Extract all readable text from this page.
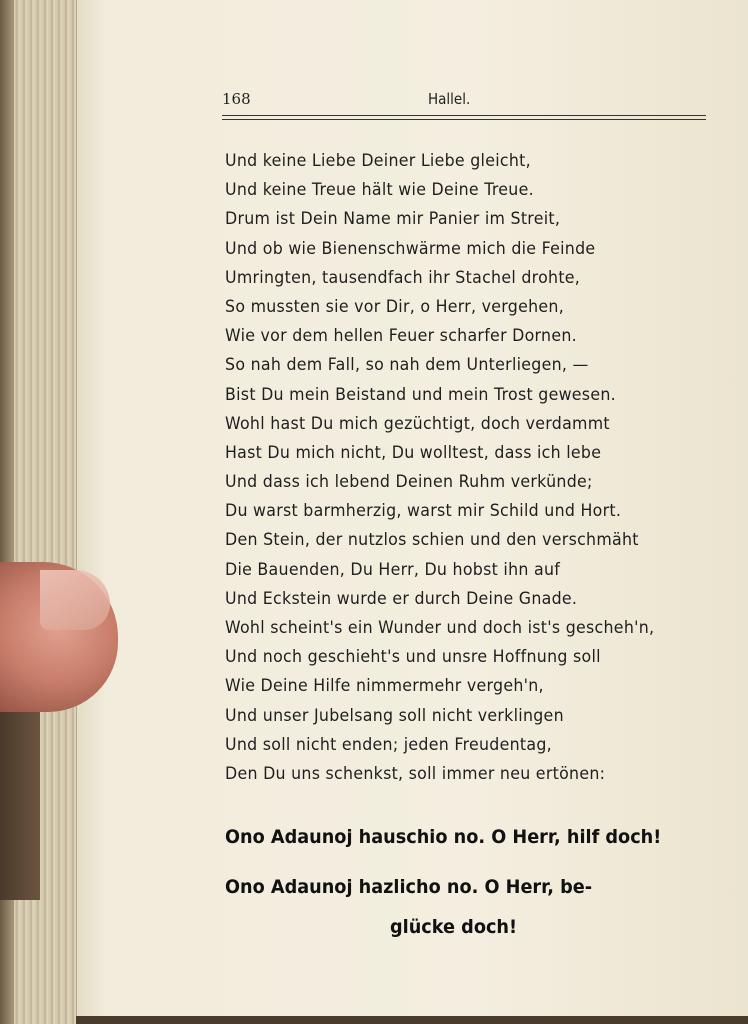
168	Hallel.
Und keine Liebe Deiner Liebe gleicht,
Und keine Treue hält wie Deine Treue.
Drum ist Dein Name mir Panier im Streit,
Und ob wie Bienenschwärme mich die Feinde
Umringten, tausendfach ihr Stachel drohte,
So mussten sie vor Dir, o Herr, vergehen,
Wie vor dem hellen Feuer scharfer Dornen.
So nah dem Fall, so nah dem Unterliegen, —
Bist Du mein Beistand und mein Trost gewesen.
Wohl hast Du mich gezüchtigt, doch verdammt
Hast Du mich nicht, Du wolltest, dass ich lebe
Und dass ich lebend Deinen Ruhm verkünde;
Du warst barmherzig, warst mir Schild und Hort.
Den Stein, der nutzlos schien und den verschmäht
Die Bauenden, Du Herr, Du hobst ihn auf
Und Eckstein wurde er durch Deine Gnade.
Wohl scheint's ein Wunder und doch ist's gescheh'n,
Und noch geschieht's und unsre Hoffnung soll
Wie Deine Hilfe nimmermehr vergeh'n,
Und unser Jubelsang soll nicht verklingen
Und soll nicht enden; jeden Freudentag,
Den Du uns schenkst, soll immer neu ertönen:
Ono Adaunoj hauschio no. O Herr, hilf doch!
Ono Adaunoj hazlicho no. O Herr, be-
glücke doch!
